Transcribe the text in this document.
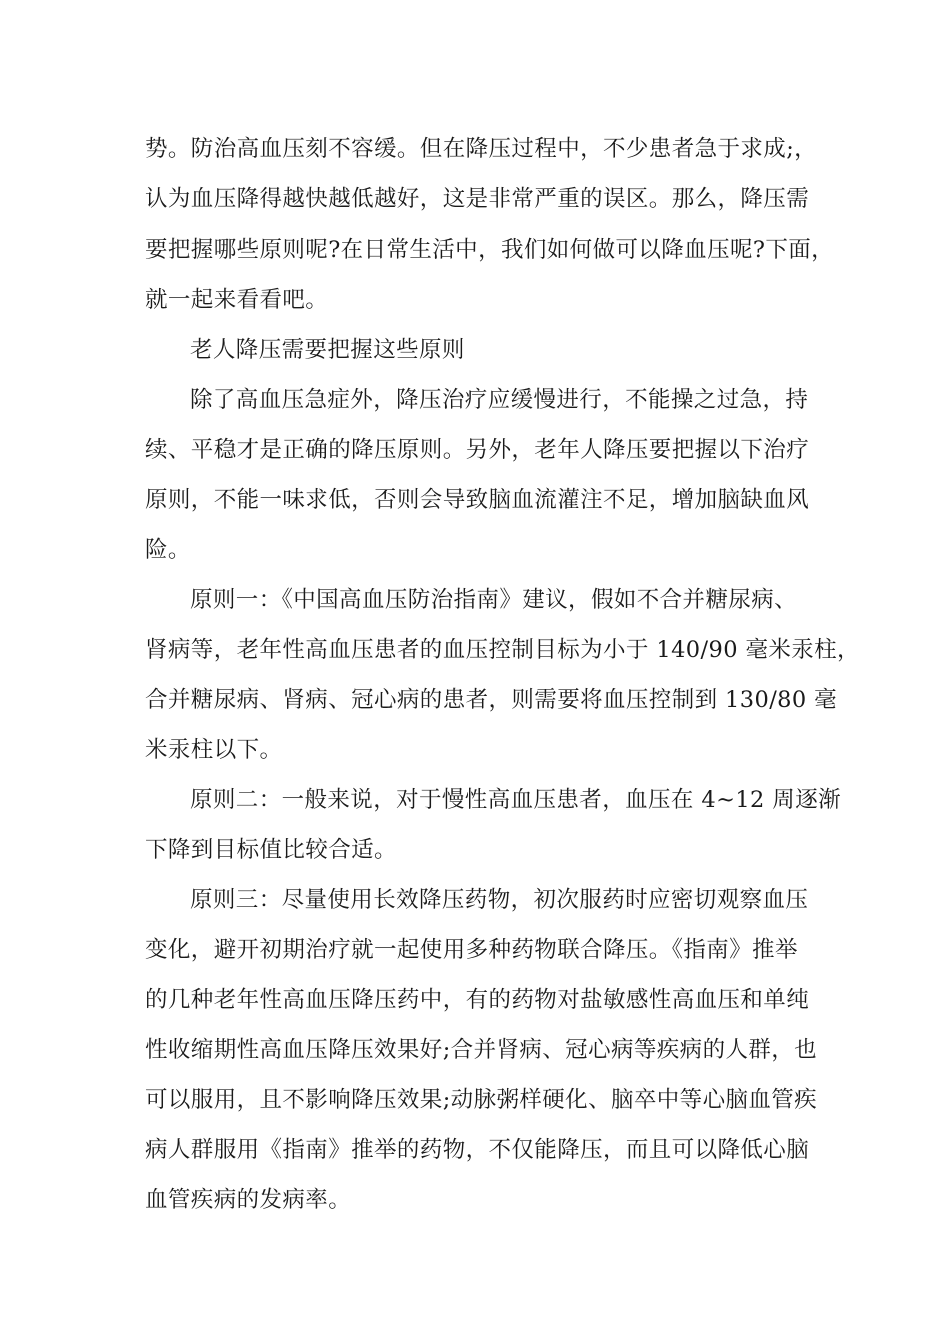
势。防治高血压刻不容缓。但在降压过程中，不少患者急于求成;，
认为血压降得越快越低越好，这是非常严重的误区。那么，降压需
要把握哪些原则呢?在日常生活中，我们如何做可以降血压呢?下面，
就一起来看看吧。
老人降压需要把握这些原则
除了高血压急症外，降压治疗应缓慢进行，不能操之过急，持
续、平稳才是正确的降压原则。另外，老年人降压要把握以下治疗
原则，不能一味求低，否则会导致脑血流灌注不足，增加脑缺血风
险。
原则一：《中国高血压防治指南》建议，假如不合并糖尿病、
肾病等，老年性高血压患者的血压控制目标为小于 140/90 毫米汞柱，
合并糖尿病、肾病、冠心病的患者，则需要将血压控制到 130/80 毫
米汞柱以下。
原则二：一般来说，对于慢性高血压患者，血压在 4~12 周逐渐
下降到目标值比较合适。
原则三：尽量使用长效降压药物，初次服药时应密切观察血压
变化，避开初期治疗就一起使用多种药物联合降压。《指南》推举
的几种老年性高血压降压药中，有的药物对盐敏感性高血压和单纯
性收缩期性高血压降压效果好;合并肾病、冠心病等疾病的人群，也
可以服用，且不影响降压效果;动脉粥样硬化、脑卒中等心脑血管疾
病人群服用《指南》推举的药物，不仅能降压，而且可以降低心脑
血管疾病的发病率。
